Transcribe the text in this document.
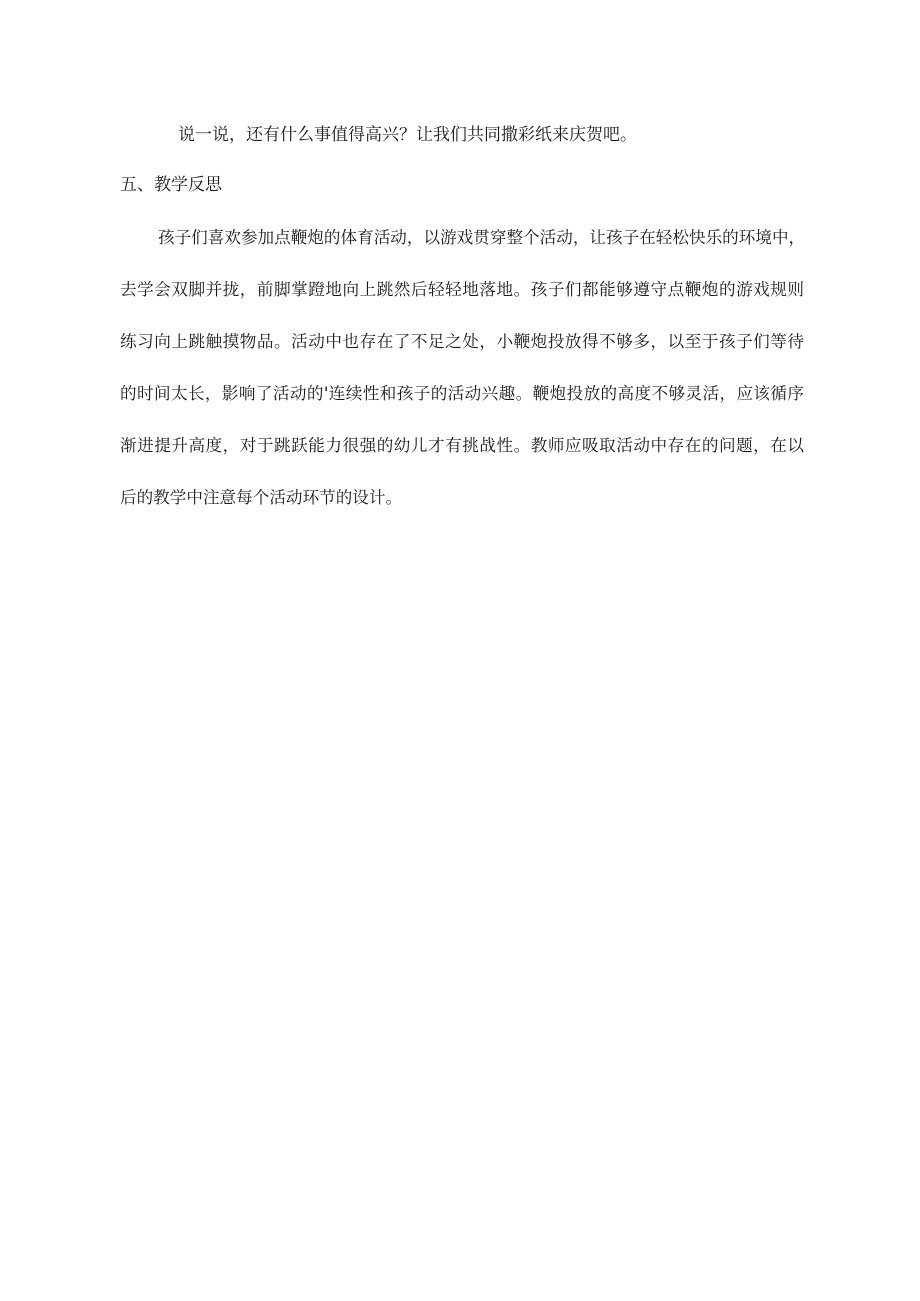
说一说，还有什么事值得高兴？让我们共同撒彩纸来庆贺吧。
五、教学反思
孩子们喜欢参加点鞭炮的体育活动，以游戏贯穿整个活动，让孩子在轻松快乐的环境中，
去学会双脚并拢，前脚掌蹬地向上跳然后轻轻地落地。孩子们都能够遵守点鞭炮的游戏规则
练习向上跳触摸物品。活动中也存在了不足之处，小鞭炮投放得不够多，以至于孩子们等待
的时间太长，影响了活动的'连续性和孩子的活动兴趣。鞭炮投放的高度不够灵活，应该循序
渐进提升高度，对于跳跃能力很强的幼儿才有挑战性。教师应吸取活动中存在的问题，在以
后的教学中注意每个活动环节的设计。
